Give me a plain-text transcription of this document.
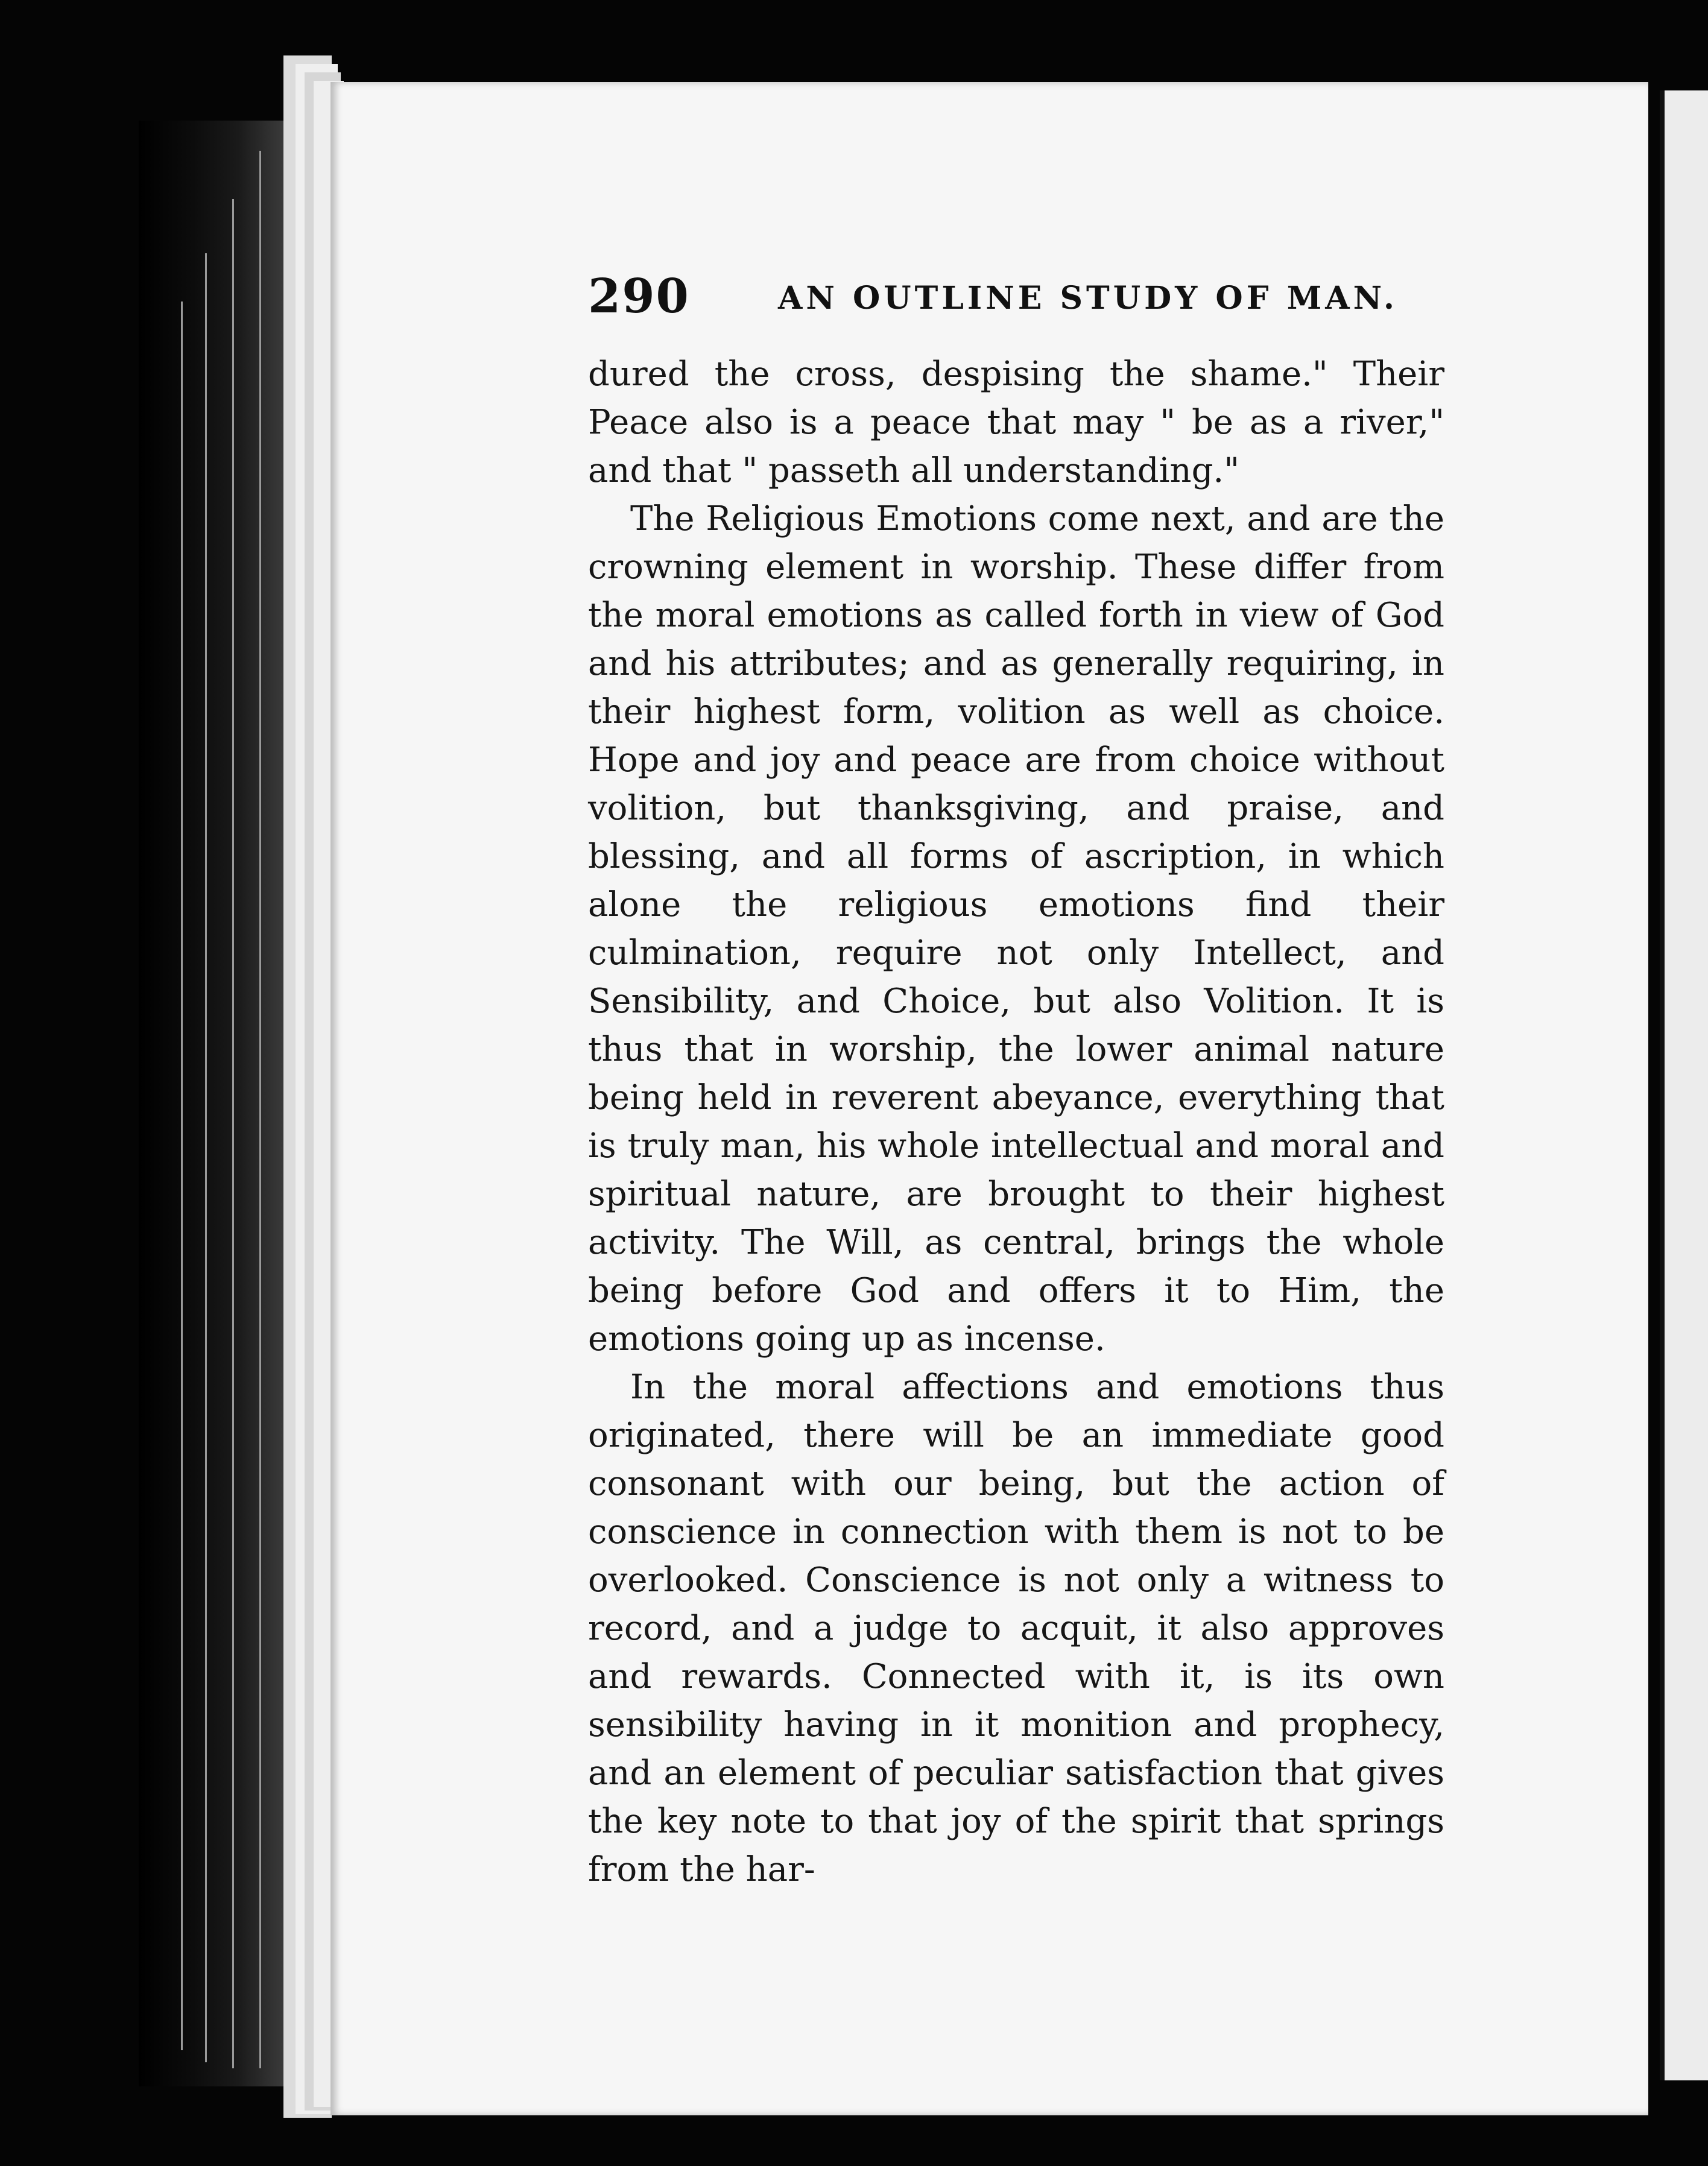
290	AN OUTLINE STUDY OF MAN.

dured the cross, despising the shame." Their Peace also is a peace that may " be as a river," and that " passeth all understanding."

The Religious Emotions come next, and are the crowning element in worship. These differ from the moral emotions as called forth in view of God and his attributes; and as generally requiring, in their highest form, volition as well as choice. Hope and joy and peace are from choice without volition, but thanksgiving, and praise, and blessing, and all forms of ascription, in which alone the religious emotions find their culmination, require not only Intellect, and Sensibility, and Choice, but also Volition. It is thus that in worship, the lower animal nature being held in reverent abeyance, everything that is truly man, his whole intellectual and moral and spiritual nature, are brought to their highest activity. The Will, as central, brings the whole being before God and offers it to Him, the emotions going up as incense.

In the moral affections and emotions thus originated, there will be an immediate good consonant with our being, but the action of conscience in connection with them is not to be overlooked. Conscience is not only a witness to record, and a judge to acquit, it also approves and rewards. Connected with it, is its own sensibility having in it monition and prophecy, and an element of peculiar satisfaction that gives the key note to that joy of the spirit that springs from the har-
